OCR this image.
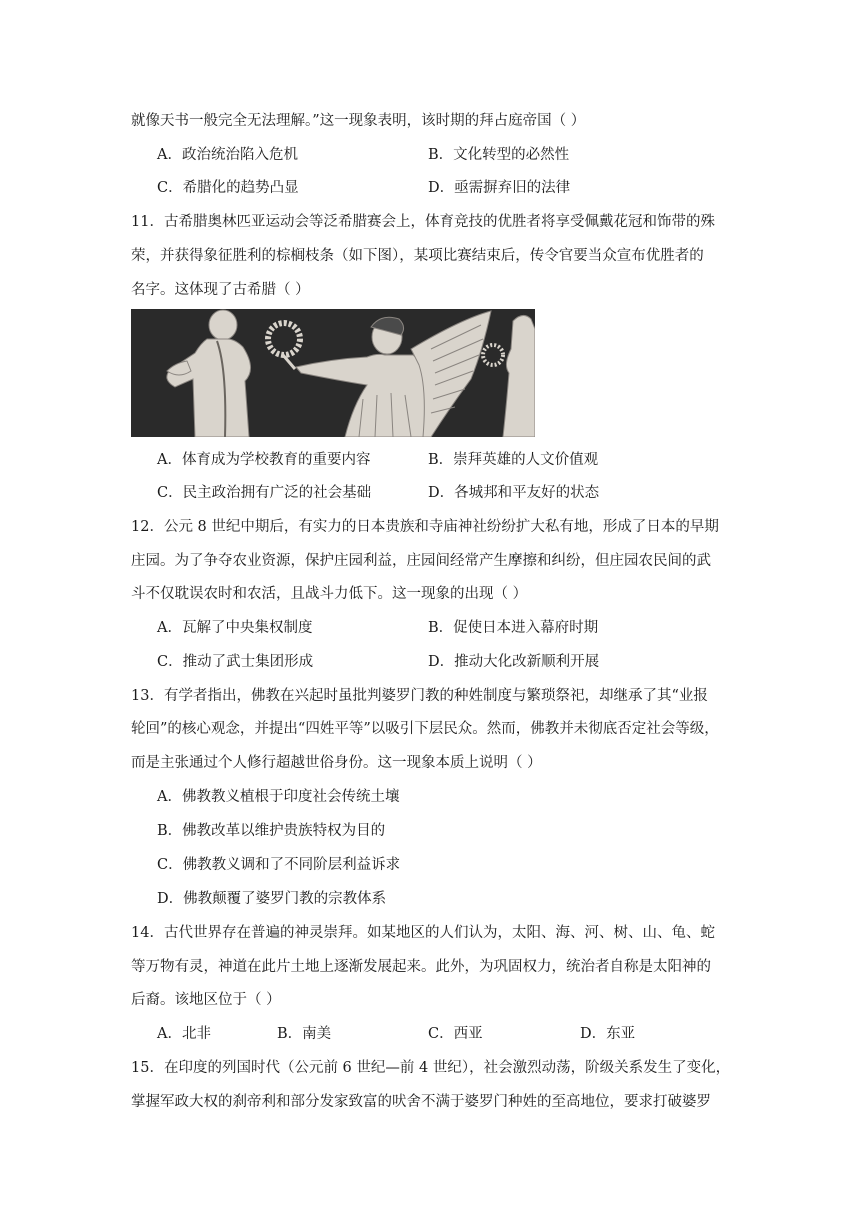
就像天书一般完全无法理解。”这一现象表明，该时期的拜占庭帝国（ ）
A．政治统治陷入危机	B．文化转型的必然性
C．希腊化的趋势凸显	D．亟需摒弃旧的法律
11．古希腊奥林匹亚运动会等泛希腊赛会上，体育竞技的优胜者将享受佩戴花冠和饰带的殊
荣，并获得象征胜利的棕榈枝条（如下图），某项比赛结束后，传令官要当众宣布优胜者的
名字。这体现了古希腊（ ）
A．体育成为学校教育的重要内容	B．崇拜英雄的人文价值观
C．民主政治拥有广泛的社会基础	D．各城邦和平友好的状态
12．公元 8 世纪中期后，有实力的日本贵族和寺庙神社纷纷扩大私有地，形成了日本的早期
庄园。为了争夺农业资源，保护庄园利益，庄园间经常产生摩擦和纠纷，但庄园农民间的武
斗不仅耽误农时和农活，且战斗力低下。这一现象的出现（ ）
A．瓦解了中央集权制度	B．促使日本进入幕府时期
C．推动了武士集团形成	D．推动大化改新顺利开展
13．有学者指出，佛教在兴起时虽批判婆罗门教的种姓制度与繁琐祭祀，却继承了其“业报
轮回”的核心观念，并提出“四姓平等”以吸引下层民众。然而，佛教并未彻底否定社会等级，
而是主张通过个人修行超越世俗身份。这一现象本质上说明（ ）
A．佛教教义植根于印度社会传统土壤
B．佛教改革以维护贵族特权为目的
C．佛教教义调和了不同阶层利益诉求
D．佛教颠覆了婆罗门教的宗教体系
14．古代世界存在普遍的神灵崇拜。如某地区的人们认为，太阳、海、河、树、山、龟、蛇
等万物有灵，神道在此片土地上逐渐发展起来。此外，为巩固权力，统治者自称是太阳神的
后裔。该地区位于（ ）
A．北非	B．南美	C．西亚	D．东亚
15．在印度的列国时代（公元前 6 世纪—前 4 世纪），社会激烈动荡，阶级关系发生了变化，
掌握军政大权的刹帝利和部分发家致富的吠舍不满于婆罗门种姓的至高地位，要求打破婆罗
